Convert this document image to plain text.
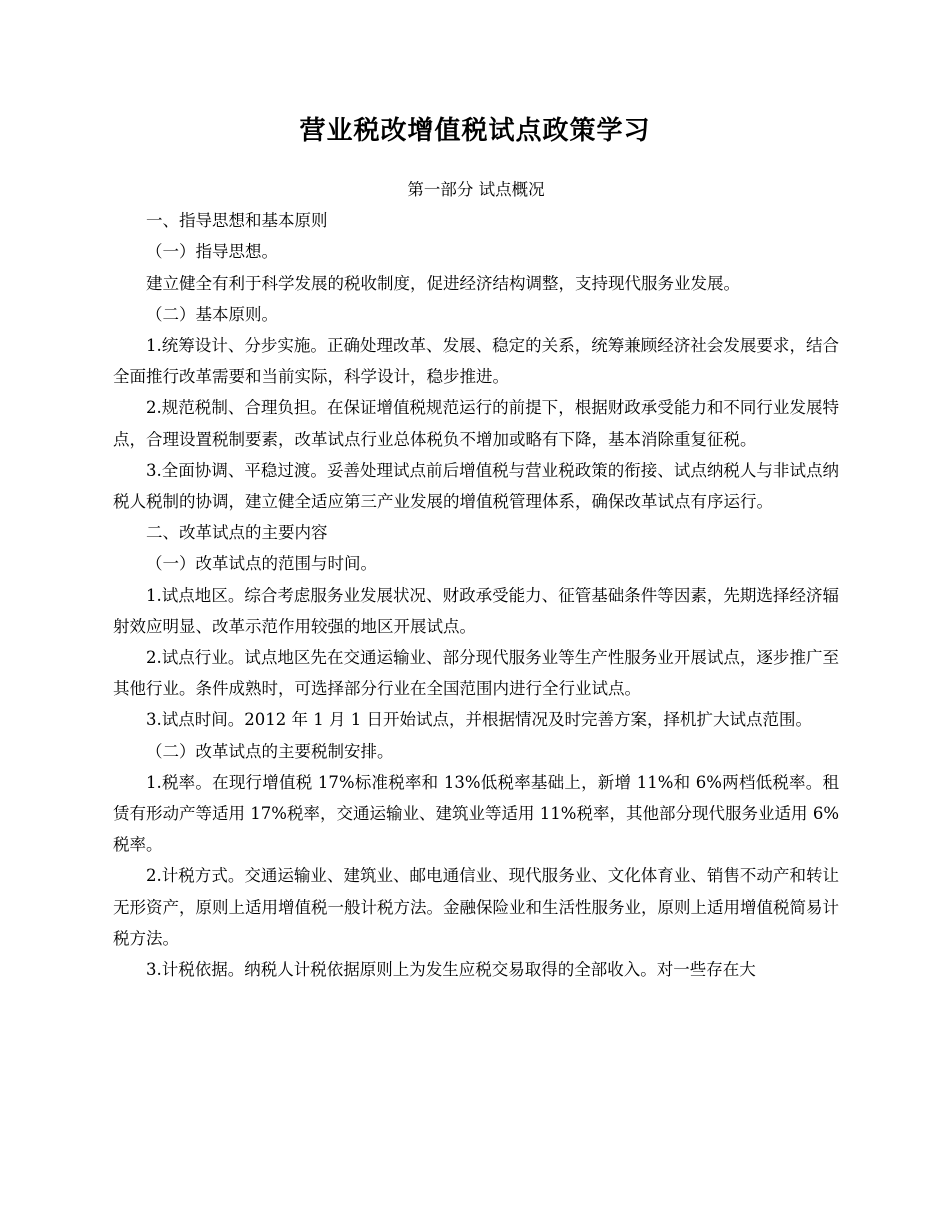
营业税改增值税试点政策学习

第一部分 试点概况

一、指导思想和基本原则

（一）指导思想。

建立健全有利于科学发展的税收制度，促进经济结构调整，支持现代服务业发展。

（二）基本原则。

1.统筹设计、分步实施。正确处理改革、发展、稳定的关系，统筹兼顾经济社会发展要求，结合全面推行改革需要和当前实际，科学设计，稳步推进。

2.规范税制、合理负担。在保证增值税规范运行的前提下，根据财政承受能力和不同行业发展特点，合理设置税制要素，改革试点行业总体税负不增加或略有下降，基本消除重复征税。

3.全面协调、平稳过渡。妥善处理试点前后增值税与营业税政策的衔接、试点纳税人与非试点纳税人税制的协调，建立健全适应第三产业发展的增值税管理体系，确保改革试点有序运行。

二、改革试点的主要内容

（一）改革试点的范围与时间。

1.试点地区。综合考虑服务业发展状况、财政承受能力、征管基础条件等因素，先期选择经济辐射效应明显、改革示范作用较强的地区开展试点。

2.试点行业。试点地区先在交通运输业、部分现代服务业等生产性服务业开展试点，逐步推广至其他行业。条件成熟时，可选择部分行业在全国范围内进行全行业试点。

3.试点时间。2012 年 1 月 1 日开始试点，并根据情况及时完善方案，择机扩大试点范围。

（二）改革试点的主要税制安排。

1.税率。在现行增值税 17%标准税率和 13%低税率基础上，新增 11%和 6%两档低税率。租赁有形动产等适用 17%税率，交通运输业、建筑业等适用 11%税率，其他部分现代服务业适用 6%税率。

2.计税方式。交通运输业、建筑业、邮电通信业、现代服务业、文化体育业、销售不动产和转让无形资产，原则上适用增值税一般计税方法。金融保险业和生活性服务业，原则上适用增值税简易计税方法。

3.计税依据。纳税人计税依据原则上为发生应税交易取得的全部收入。对一些存在大
